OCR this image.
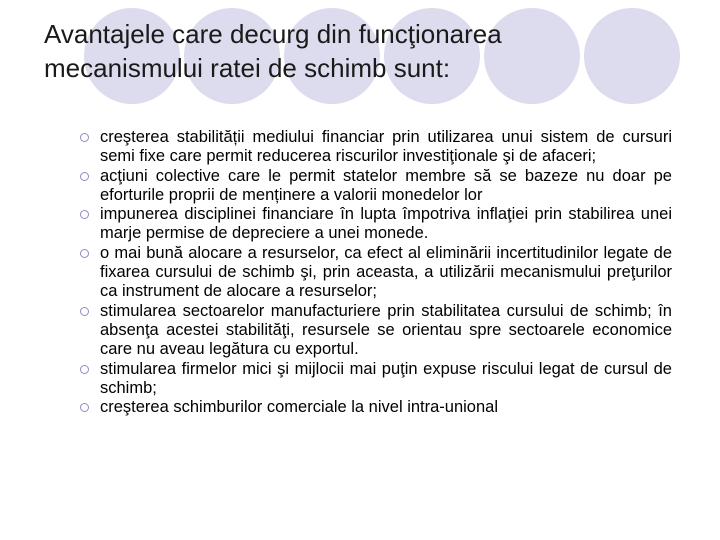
Avantajele care decurg din funcţionarea
mecanismului ratei de schimb sunt:
creşterea stabilității mediului financiar prin utilizarea unui sistem de cursuri semi fixe care permit reducerea riscurilor investiţionale şi de afaceri;
acţiuni colective care le permit statelor membre să se bazeze nu doar pe eforturile proprii de menținere a valorii monedelor lor
impunerea disciplinei financiare în lupta împotriva inflaţiei prin stabilirea unei marje permise de depreciere a unei monede.
o mai bună alocare a resurselor, ca efect al eliminării incertitudinilor legate de fixarea cursului de schimb şi, prin aceasta, a utilizării mecanismului preţurilor ca instrument de alocare a resurselor;
stimularea sectoarelor manufacturiere prin stabilitatea cursului de schimb; în absenţa acestei stabilităţi, resursele se orientau spre sectoarele economice care nu aveau legătura cu exportul.
stimularea firmelor mici şi mijlocii mai puţin expuse riscului legat de cursul de schimb;
creşterea schimburilor comerciale la nivel intra-unional
